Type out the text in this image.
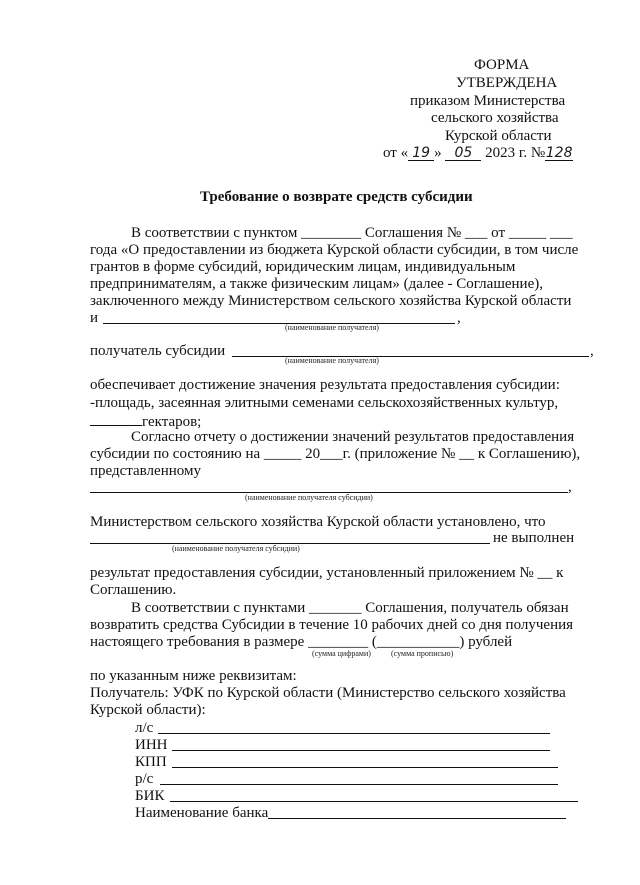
ФОРМА
УТВЕРЖДЕНА
приказом Министерства
сельского хозяйства
Курской области
от « 19 » 05 2023 г. №128
Требование о возврате средств субсидии
В соответствии с пунктом ________ Соглашения № ___ от _____ ___
года «О предоставлении из бюджета Курской области субсидии, в том числе
грантов в форме субсидий, юридическим лицам, индивидуальным
предпринимателям, а также физическим лицам» (далее - Соглашение),
заключенного между Министерством сельского хозяйства Курской области
и	,
(наименование получателя)
получатель субсидии	,
(наименование получателя)
обеспечивает достижение значения результата предоставления субсидии:
-площадь, засеянная элитными семенами сельскохозяйственных культур,
гектаров;
Согласно отчету о достижении значений результатов предоставления
субсидии по состоянию на _____ 20___г. (приложение № __ к Соглашению),
представленному
,
(наименование получателя субсидии)
Министерством сельского хозяйства Курской области установлено, что
не выполнен
(наименование получателя субсидии)
результат предоставления субсидии, установленный приложением № __ к
Соглашению.
В соответствии с пунктами _______ Соглашения, получатель обязан
возвратить средства Субсидии в течение 10 рабочих дней со дня получения
настоящего требования в размере ________ (___________) рублей
(сумма цифрами)	(сумма прописью)
по указанным ниже реквизитам:
Получатель: УФК по Курской области (Министерство сельского хозяйства
Курской области):
л/с
ИНН
КПП
р/с
БИК
Наименование банка
